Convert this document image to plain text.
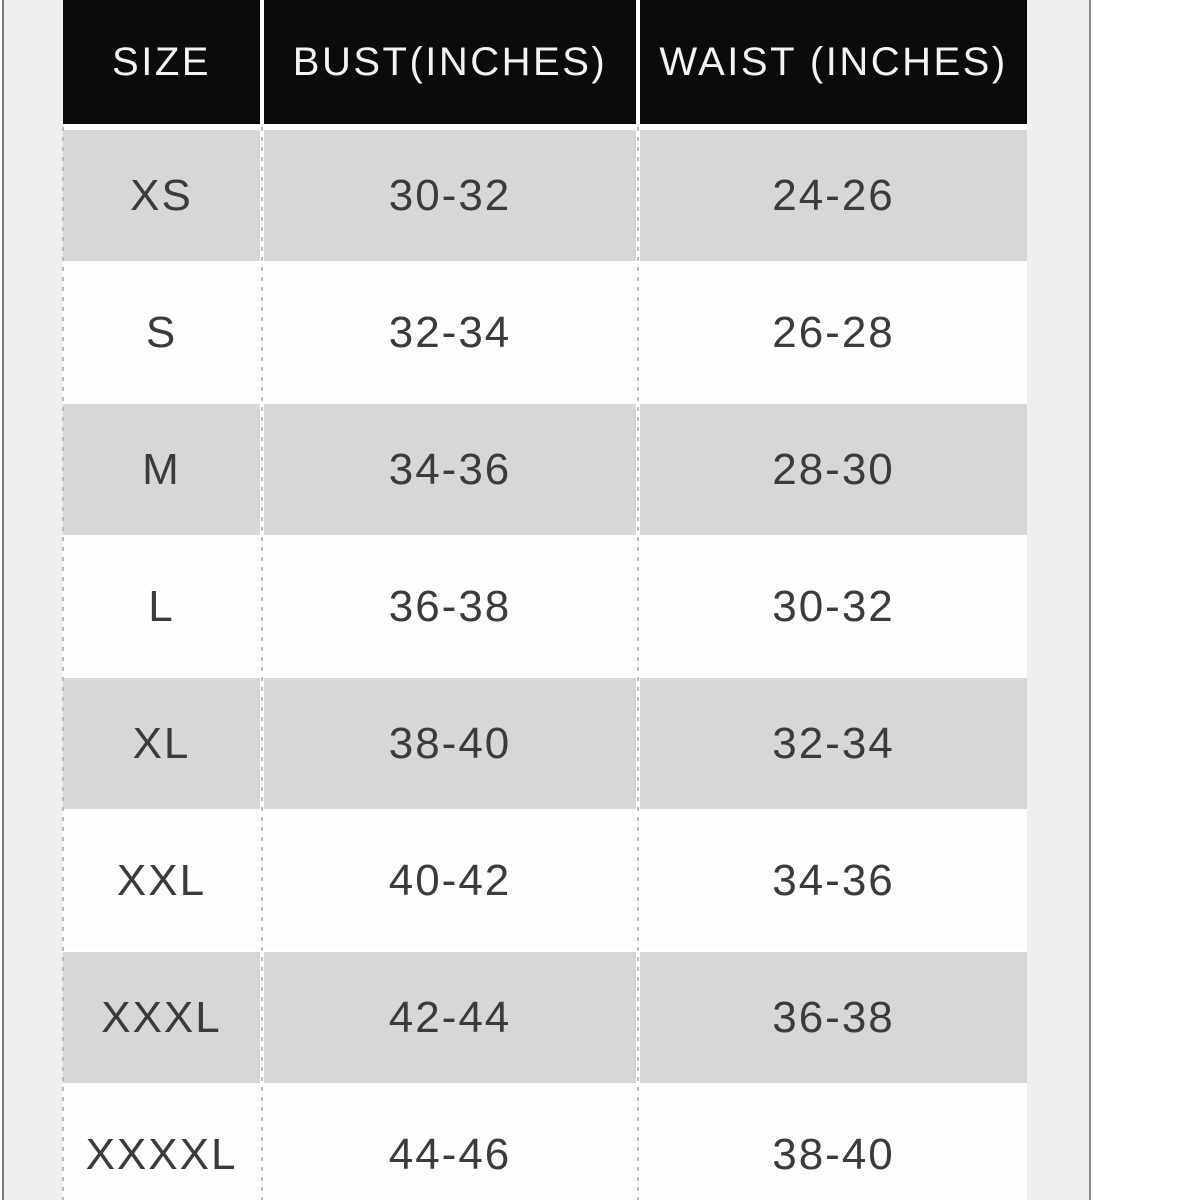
SIZE	BUST(INCHES)	WAIST (INCHES)
XS	30-32	24-26
S	32-34	26-28
M	34-36	28-30
L	36-38	30-32
XL	38-40	32-34
XXL	40-42	34-36
XXXL	42-44	36-38
XXXXL	44-46	38-40
